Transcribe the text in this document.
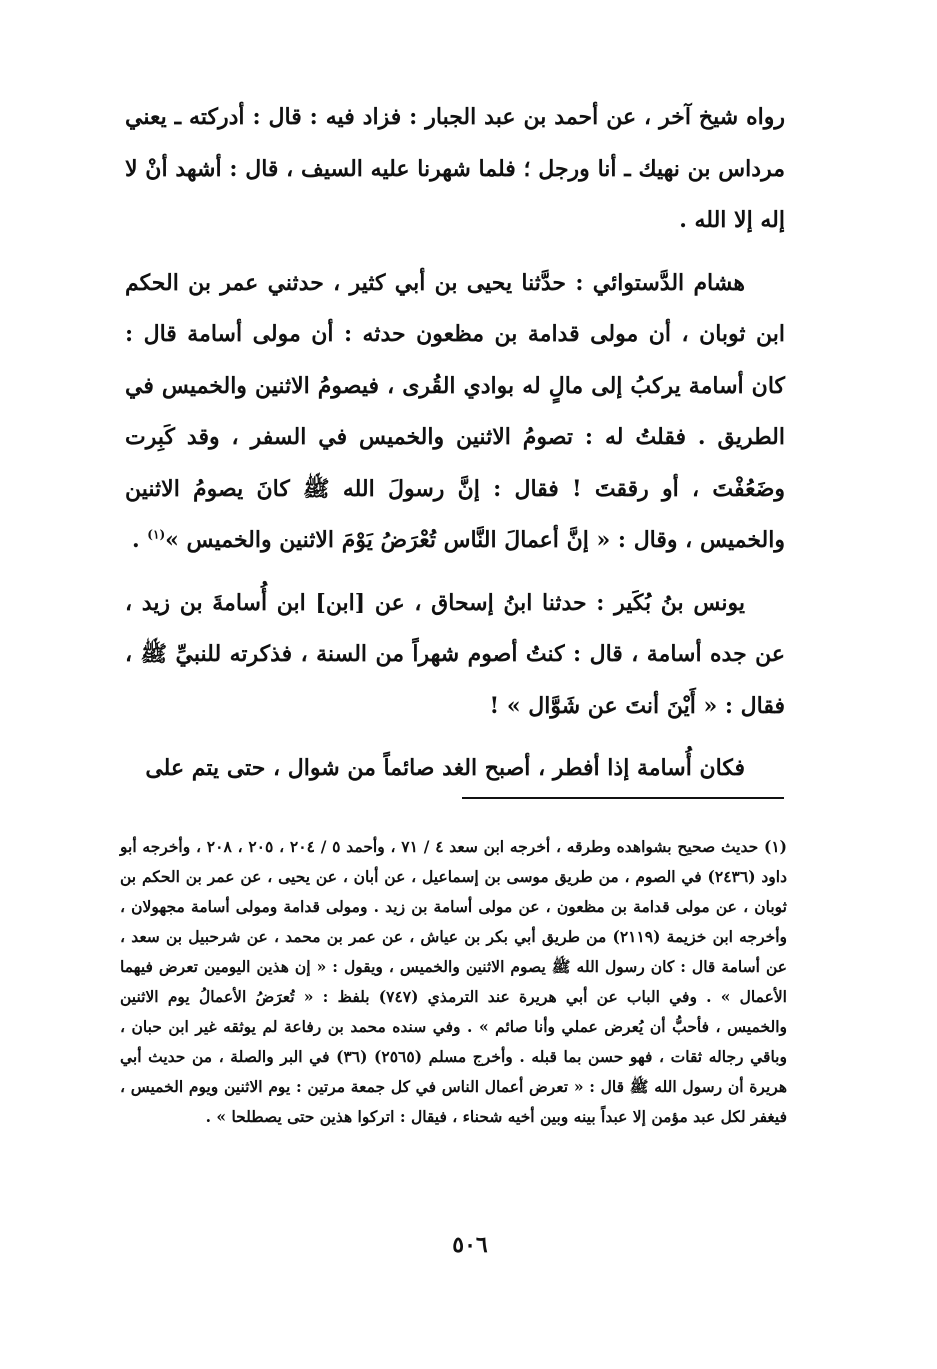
رواه شيخ آخر ، عن أحمد بن عبد الجبار : فزاد فيه : قال : أدركته ـ يعني مرداس بن نهيك ـ أنا ورجل ؛ فلما شهرنا عليه السيف ، قال : أشهد أنْ لا إله إلا الله .

هشام الدَّستوائي : حدَّثنا يحيى بن أبي كثير ، حدثني عمر بن الحكم ابن ثوبان ، أن مولى قدامة بن مظعون حدثه : أن مولى أسامة قال : كان أسامة يركبُ إلى مالٍ له بوادي القُرى ، فيصومُ الاثنين والخميس في الطريق . فقلتُ له : تصومُ الاثنين والخميس في السفر ، وقد كَبِرت وضَعُفْتَ ، أو رققتَ ! فقال : إنَّ رسولَ الله ﷺ كانَ يصومُ الاثنين والخميس ، وقال : « إنَّ أعمالَ النَّاس تُعْرَضُ يَوْمَ الاثنين والخميس »$^{(١)}$ .

يونس بنُ بُكَير : حدثنا ابنُ إسحاق ، عن [ابن] ابن أُسامةَ بن زيد ، عن جده أسامة ، قال : كنتُ أصوم شهراً من السنة ، فذكرته للنبيِّ ﷺ ، فقال : « أَيْنَ أنتَ عن شَوَّال » !

فكان أُسامة إذا أفطر ، أصبح الغد صائماً من شوال ، حتى يتم على

(١) حديث صحيح بشواهده وطرقه ، أخرجه ابن سعد ٤ / ٧١ ، وأحمد ٥ / ٢٠٤ ، ٢٠٥ ، ٢٠٨ ، وأخرجه أبو داود (٢٤٣٦) في الصوم ، من طريق موسى بن إسماعيل ، عن أبان ، عن يحيى ، عن عمر بن الحكم بن ثوبان ، عن مولى قدامة بن مظعون ، عن مولى أسامة بن زيد . ومولى قدامة ومولى أسامة مجهولان ، وأخرجه ابن خزيمة (٢١١٩) من طريق أبي بكر بن عياش ، عن عمر بن محمد ، عن شرحبيل بن سعد ، عن أسامة قال : كان رسول الله ﷺ يصوم الاثنين والخميس ، ويقول : « إن هذين اليومين تعرض فيهما الأعمال » . وفي الباب عن أبي هريرة عند الترمذي (٧٤٧) بلفظ : « تُعرَضُ الأعمالُ يوم الاثنين والخميس ، فأحبُّ أن يُعرض عملي وأنا صائم » . وفي سنده محمد بن رفاعة لم يوثقه غير ابن حبان ، وباقي رجاله ثقات ، فهو حسن بما قبله . وأخرج مسلم (٢٥٦٥) (٣٦) في البر والصلة ، من حديث أبي هريرة أن رسول الله ﷺ قال : « تعرض أعمال الناس في كل جمعة مرتين : يوم الاثنين ويوم الخميس ، فيغفر لكل عبد مؤمن إلا عبداً بينه وبين أخيه شحناء ، فيقال : اتركوا هذين حتى يصطلحا » .

٥٠٦
